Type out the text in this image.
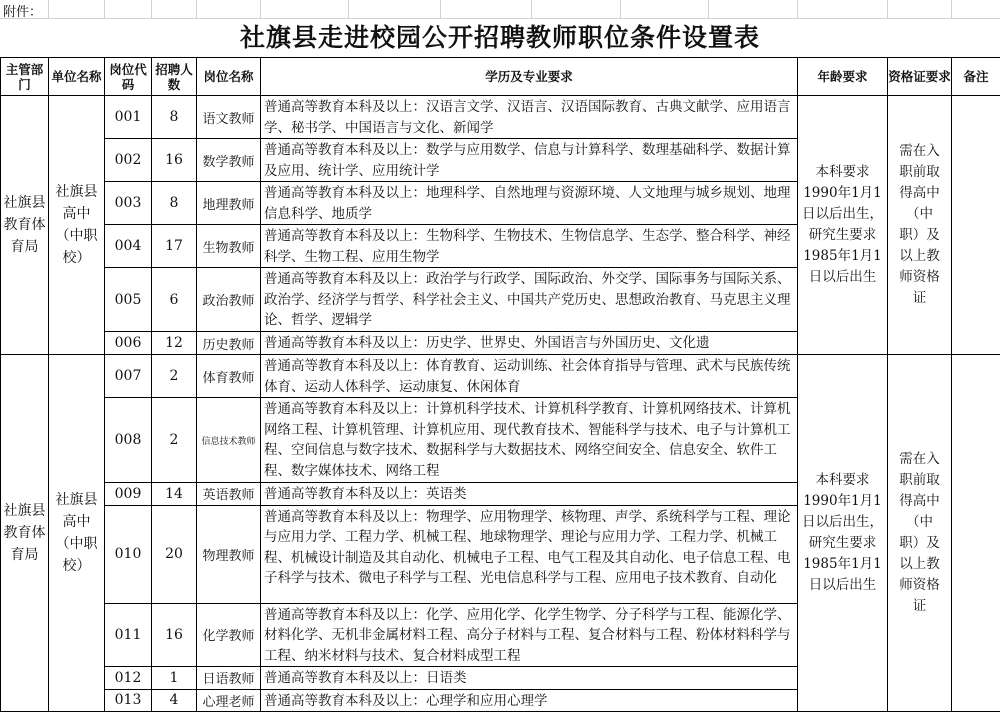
附件：
社旗县走进校园公开招聘教师职位条件设置表
主管部门	单位名称	岗位代码	招聘人数	岗位名称	学历及专业要求	年龄要求	资格证要求	备注
社旗县教育体育局	社旗县高中（中职校）	001	8	语文教师	普通高等教育本科及以上：汉语言文学、汉语言、汉语国际教育、古典文献学、应用语言学、秘书学、中国语言与文化、新闻学	本科要求1990年1月1日以后出生，研究生要求1985年1月1日以后出生	需在入职前取得高中（中职）及以上教师资格证	
		002	16	数学教师	普通高等教育本科及以上：数学与应用数学、信息与计算科学、数理基础科学、数据计算及应用、统计学、应用统计学			
		003	8	地理教师	普通高等教育本科及以上：地理科学、自然地理与资源环境、人文地理与城乡规划、地理信息科学、地质学			
		004	17	生物教师	普通高等教育本科及以上：生物科学、生物技术、生物信息学、生态学、整合科学、神经科学、生物工程、应用生物学			
		005	6	政治教师	普通高等教育本科及以上：政治学与行政学、国际政治、外交学、国际事务与国际关系、政治学、经济学与哲学、科学社会主义、中国共产党历史、思想政治教育、马克思主义理论、哲学、逻辑学			
		006	12	历史教师	普通高等教育本科及以上：历史学、世界史、外国语言与外国历史、文化遗			
社旗县教育体育局	社旗县高中（中职校）	007	2	体育教师	普通高等教育本科及以上：体育教育、运动训练、社会体育指导与管理、武术与民族传统体育、运动人体科学、运动康复、休闲体育	本科要求1990年1月1日以后出生，研究生要求1985年1月1日以后出生	需在入职前取得高中（中职）及以上教师资格证	
		008	2	信息技术教师	普通高等教育本科及以上：计算机科学技术、计算机科学教育、计算机网络技术、计算机网络工程、计算机管理、计算机应用、现代教育技术、智能科学与技术、电子与计算机工程、空间信息与数字技术、数据科学与大数据技术、网络空间安全、信息安全、软件工程、数字媒体技术、网络工程			
		009	14	英语教师	普通高等教育本科及以上：英语类			
		010	20	物理教师	普通高等教育本科及以上：物理学、应用物理学、核物理、声学、系统科学与工程、理论与应用力学、工程力学、机械工程、地球物理学、理论与应用力学、工程力学、机械工程、机械设计制造及其自动化、机械电子工程、电气工程及其自动化、电子信息工程、电子科学与技术、微电子科学与工程、光电信息科学与工程、应用电子技术教育、自动化			
		011	16	化学教师	普通高等教育本科及以上：化学、应用化学、化学生物学、分子科学与工程、能源化学、材料化学、无机非金属材料工程、高分子材料与工程、复合材料与工程、粉体材料科学与工程、纳米材料与技术、复合材料成型工程			
		012	1	日语教师	普通高等教育本科及以上：日语类			
		013	4	心理老师	普通高等教育本科及以上：心理学和应用心理学			
